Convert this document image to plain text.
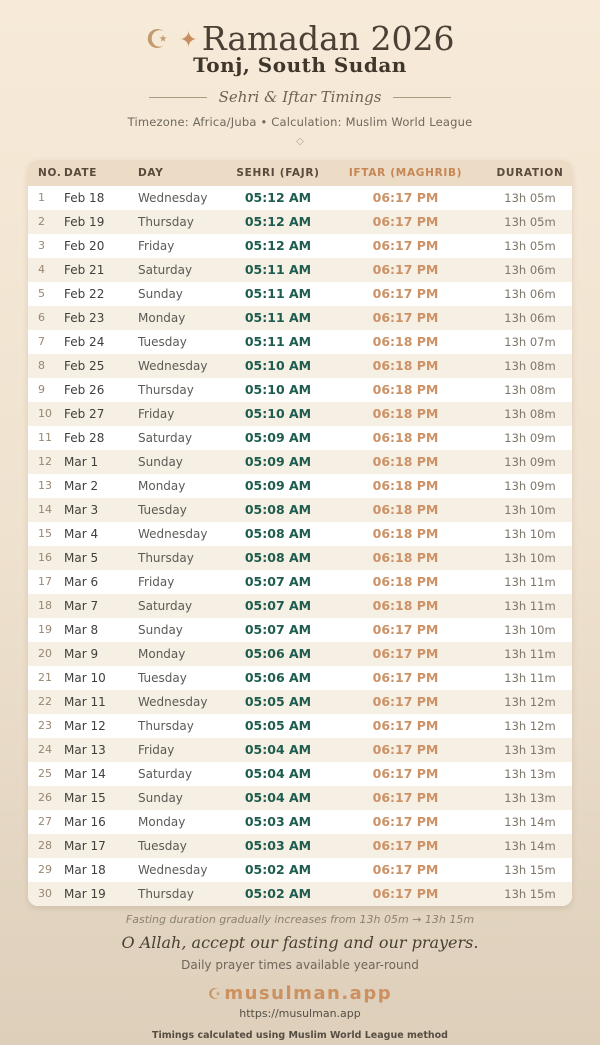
☪ ✦ Ramadan 2026
Tonj, South Sudan
Sehri & Iftar Timings
Timezone: Africa/Juba • Calculation: Muslim World League
◇
NO. DATE	DAY	SEHRI (FAJR)	IFTAR (MAGHRIB)	DURATION
1	Feb 18	Wednesday	05:12 AM	06:17 PM	13h 05m
2	Feb 19	Thursday	05:12 AM	06:17 PM	13h 05m
3	Feb 20	Friday	05:12 AM	06:17 PM	13h 05m
4	Feb 21	Saturday	05:11 AM	06:17 PM	13h 06m
5	Feb 22	Sunday	05:11 AM	06:17 PM	13h 06m
6	Feb 23	Monday	05:11 AM	06:17 PM	13h 06m
7	Feb 24	Tuesday	05:11 AM	06:18 PM	13h 07m
8	Feb 25	Wednesday	05:10 AM	06:18 PM	13h 08m
9	Feb 26	Thursday	05:10 AM	06:18 PM	13h 08m
10	Feb 27	Friday	05:10 AM	06:18 PM	13h 08m
11	Feb 28	Saturday	05:09 AM	06:18 PM	13h 09m
12	Mar 1	Sunday	05:09 AM	06:18 PM	13h 09m
13	Mar 2	Monday	05:09 AM	06:18 PM	13h 09m
14	Mar 3	Tuesday	05:08 AM	06:18 PM	13h 10m
15	Mar 4	Wednesday	05:08 AM	06:18 PM	13h 10m
16	Mar 5	Thursday	05:08 AM	06:18 PM	13h 10m
17	Mar 6	Friday	05:07 AM	06:18 PM	13h 11m
18	Mar 7	Saturday	05:07 AM	06:18 PM	13h 11m
19	Mar 8	Sunday	05:07 AM	06:17 PM	13h 10m
20	Mar 9	Monday	05:06 AM	06:17 PM	13h 11m
21	Mar 10	Tuesday	05:06 AM	06:17 PM	13h 11m
22	Mar 11	Wednesday	05:05 AM	06:17 PM	13h 12m
23	Mar 12	Thursday	05:05 AM	06:17 PM	13h 12m
24	Mar 13	Friday	05:04 AM	06:17 PM	13h 13m
25	Mar 14	Saturday	05:04 AM	06:17 PM	13h 13m
26	Mar 15	Sunday	05:04 AM	06:17 PM	13h 13m
27	Mar 16	Monday	05:03 AM	06:17 PM	13h 14m
28	Mar 17	Tuesday	05:03 AM	06:17 PM	13h 14m
29	Mar 18	Wednesday	05:02 AM	06:17 PM	13h 15m
30	Mar 19	Thursday	05:02 AM	06:17 PM	13h 15m
Fasting duration gradually increases from 13h 05m → 13h 15m
O Allah, accept our fasting and our prayers.
Daily prayer times available year-round
☪ musulman.app
https://musulman.app
Timings calculated using Muslim World League method
